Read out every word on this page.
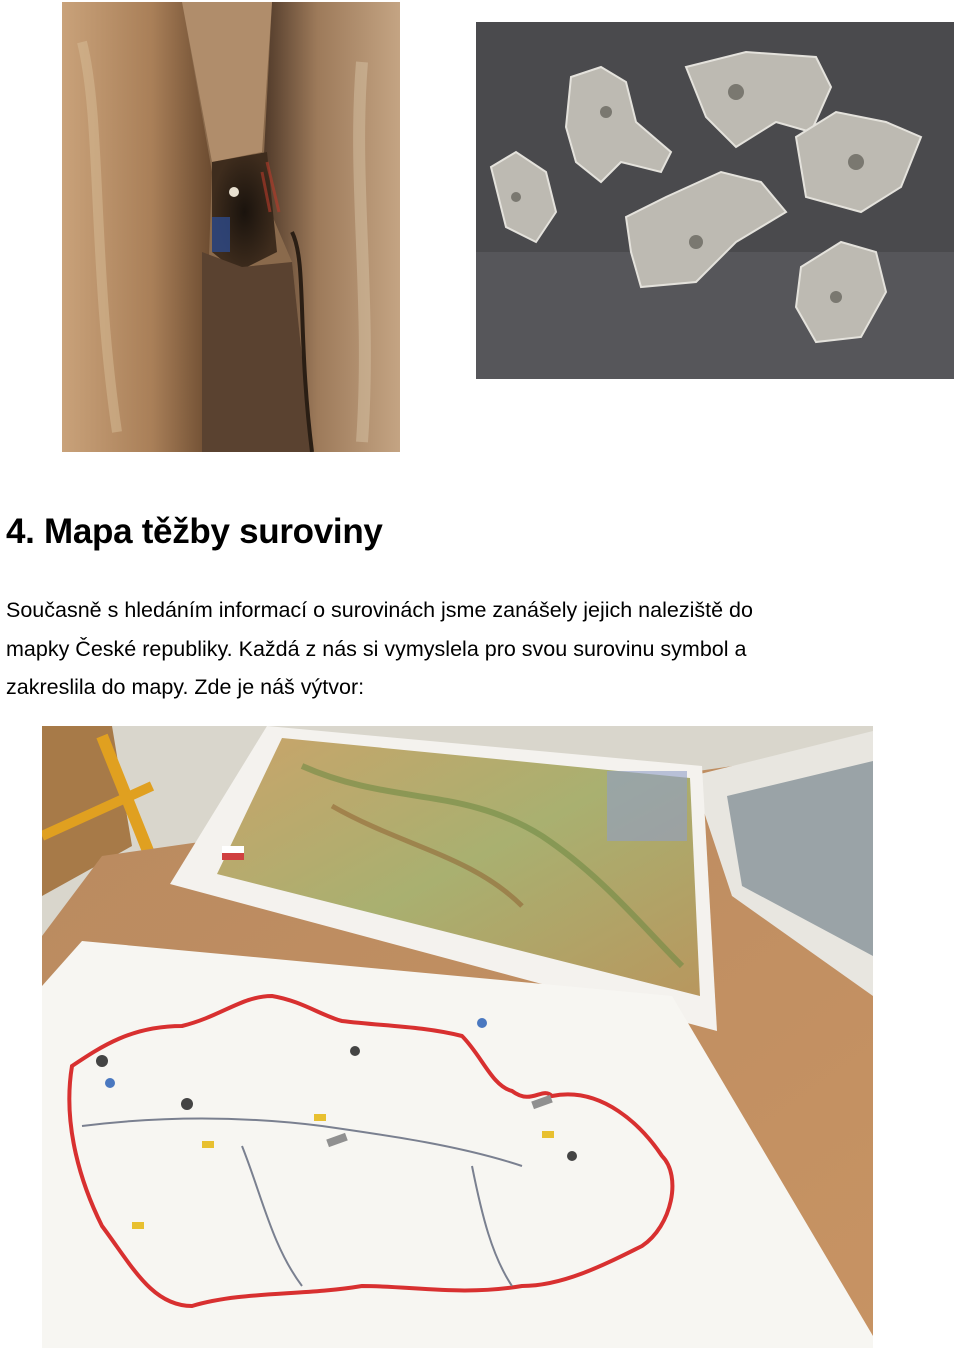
4. Mapa těžby suroviny
Současně s hledáním informací o surovinách jsme zanášely jejich naleziště do
mapky České republiky. Každá z nás si vymyslela pro svou surovinu symbol a
zakreslila do mapy. Zde je náš výtvor:
